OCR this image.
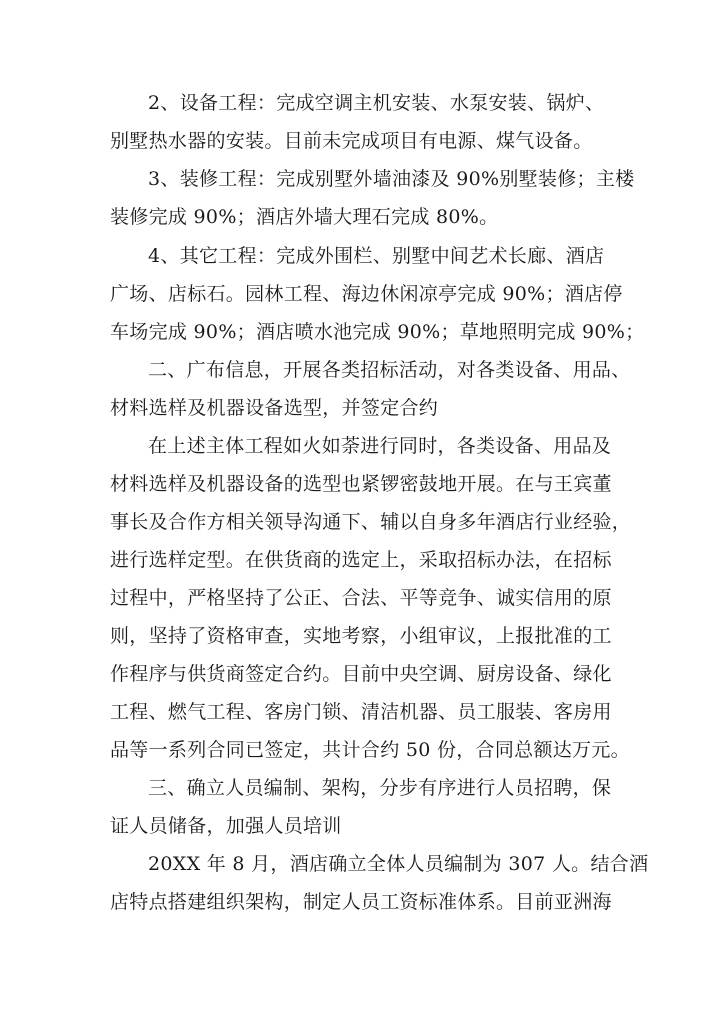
2、设备工程：完成空调主机安装、水泵安装、锅炉、
别墅热水器的安装。目前未完成项目有电源、煤气设备。
3、装修工程：完成别墅外墙油漆及 90%别墅装修；主楼
装修完成 90%；酒店外墙大理石完成 80%。
4、其它工程：完成外围栏、别墅中间艺术长廊、酒店
广场、店标石。园林工程、海边休闲凉亭完成 90%；酒店停
车场完成 90%；酒店喷水池完成 90%；草地照明完成 90%；
二、广布信息，开展各类招标活动，对各类设备、用品、
材料选样及机器设备选型，并签定合约
在上述主体工程如火如荼进行同时，各类设备、用品及
材料选样及机器设备的选型也紧锣密鼓地开展。在与王宾董
事长及合作方相关领导沟通下、辅以自身多年酒店行业经验，
进行选样定型。在供货商的选定上，采取招标办法，在招标
过程中，严格坚持了公正、合法、平等竞争、诚实信用的原
则，坚持了资格审查，实地考察，小组审议，上报批准的工
作程序与供货商签定合约。目前中央空调、厨房设备、绿化
工程、燃气工程、客房门锁、清洁机器、员工服装、客房用
品等一系列合同已签定，共计合约 50 份，合同总额达万元。
三、确立人员编制、架构，分步有序进行人员招聘，保
证人员储备，加强人员培训
20XX 年 8 月，酒店确立全体人员编制为 307 人。结合酒
店特点搭建组织架构，制定人员工资标准体系。目前亚洲海
